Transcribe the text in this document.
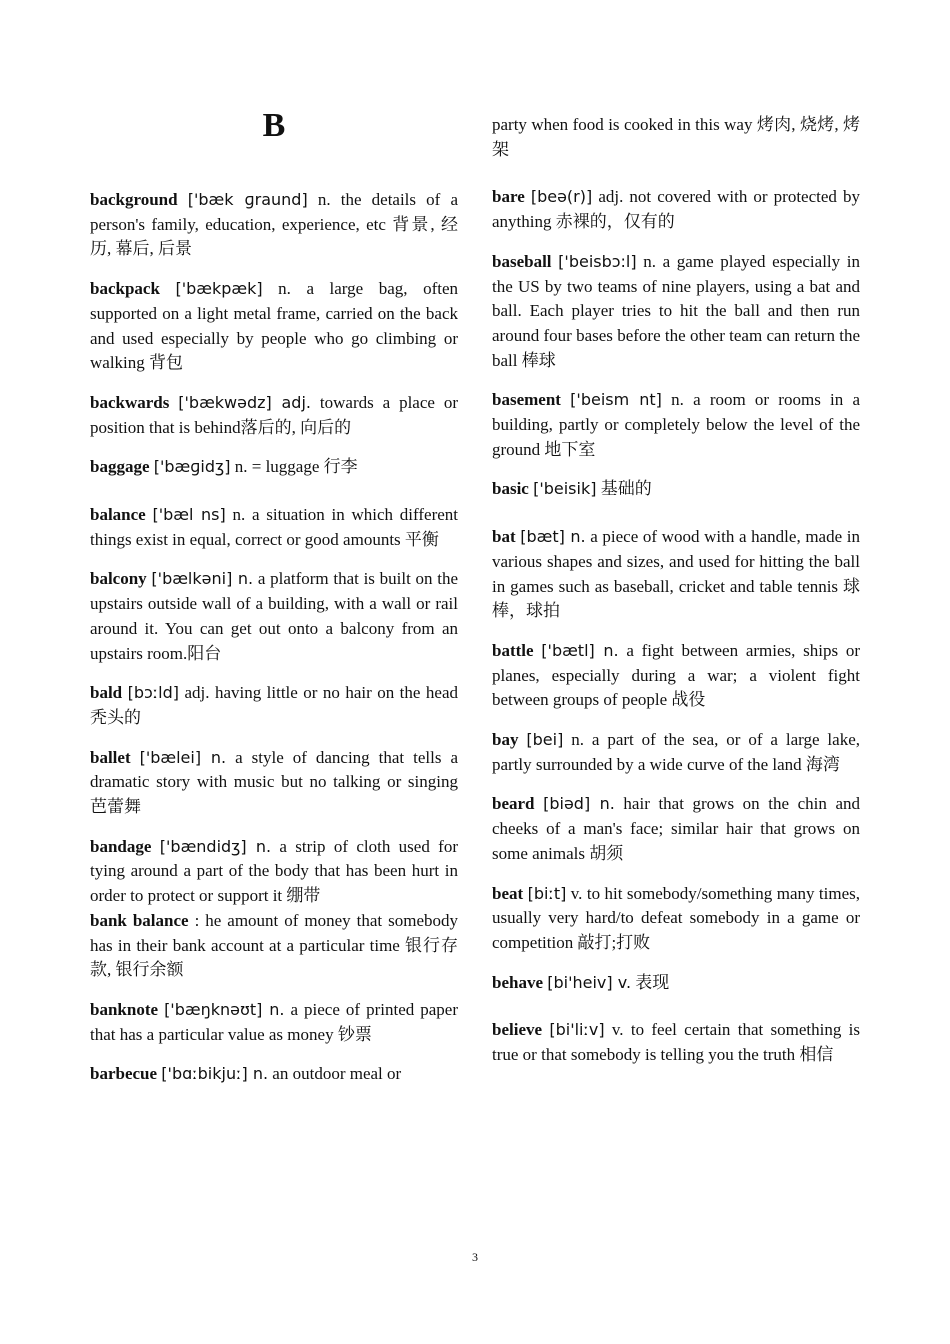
B

background ['bæk ɡraund] n. the details of a person's family, education, experience, etc 背景, 经历, 幕后, 后景

backpack ['bækpæk] n. a large bag, often supported on a light metal frame, carried on the back and used especially by people who go climbing or walking 背包

backwards ['bækwədz] adj. towards a place or position that is behind落后的, 向后的

baggage ['bæɡidʒ] n. = luggage 行李

balance ['bæl ns] n. a situation in which different things exist in equal, correct or good amounts 平衡

balcony ['bælkəni] n. a platform that is built on the upstairs outside wall of a building, with a wall or rail around it. You can get out onto a balcony from an upstairs room.阳台

bald [bɔːld] adj. having little or no hair on the head 秃头的

ballet ['bælei] n. a style of dancing that tells a dramatic story with music but no talking or singing 芭蕾舞

bandage ['bændidʒ] n. a strip of cloth used for tying around a part of the body that has been hurt in order to protect or support it 绷带

bank balance : he amount of money that somebody has in their bank account at a particular time 银行存款, 银行余额

banknote ['bæŋknəʊt] n. a piece of printed paper that has a particular value as money 钞票

barbecue ['bɑːbikjuː] n. an outdoor meal or

party when food is cooked in this way 烤肉, 烧烤, 烤架

bare [beə(r)] adj. not covered with or protected by anything 赤裸的，仅有的

baseball ['beisbɔ:l] n. a game played especially in the US by two teams of nine players, using a bat and ball. Each player tries to hit the ball and then run around four bases before the other team can return the ball 棒球

basement ['beism nt] n. a room or rooms in a building, partly or completely below the level of the ground 地下室

basic ['beisik] 基础的

bat [bæt] n. a piece of wood with a handle, made in various shapes and sizes, and used for hitting the ball in games such as baseball, cricket and table tennis 球棒，球拍

battle ['bætl] n. a fight between armies, ships or planes, especially during a war; a violent fight between groups of people 战役

bay [bei] n. a part of the sea, or of a large lake, partly surrounded by a wide curve of the land 海湾

beard [biəd] n. hair that grows on the chin and cheeks of a man's face; similar hair that grows on some animals 胡须

beat [biːt] v. to hit somebody/something many times, usually very hard/to defeat somebody in a game or competition 敲打;打败

behave [bi'heiv] v. 表现

believe [bi'liːv] v. to feel certain that something is true or that somebody is telling you the truth 相信

3
